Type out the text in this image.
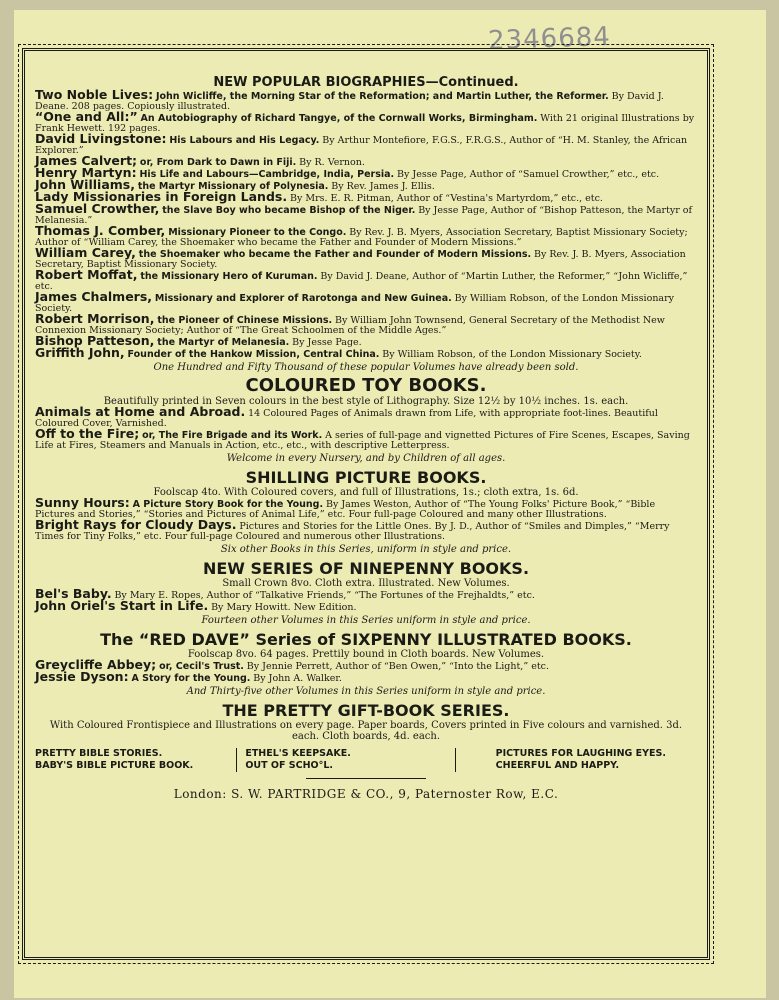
2346684
NEW POPULAR BIOGRAPHIES—Continued.

Two Noble Lives: John Wicliffe, the Morning Star of the Reformation; and Martin Luther, the Reformer. By David J. Deane. 208 pages. Copiously illustrated.

“One and All:” An Autobiography of Richard Tangye, of the Cornwall Works, Birmingham. With 21 original Illustrations by Frank Hewett. 192 pages.

David Livingstone: His Labours and His Legacy. By Arthur Montefiore, F.G.S., F.R.G.S., Author of “H. M. Stanley, the African Explorer.”

James Calvert; or, From Dark to Dawn in Fiji. By R. Vernon.

Henry Martyn: His Life and Labours—Cambridge, India, Persia. By Jesse Page, Author of “Samuel Crowther,” etc., etc.

John Williams, the Martyr Missionary of Polynesia. By Rev. James J. Ellis.

Lady Missionaries in Foreign Lands. By Mrs. E. R. Pitman, Author of “Vestina's Martyrdom,” etc., etc.

Samuel Crowther, the Slave Boy who became Bishop of the Niger. By Jesse Page, Author of “Bishop Patteson, the Martyr of Melanesia.”

Thomas J. Comber, Missionary Pioneer to the Congo. By Rev. J. B. Myers, Association Secretary, Baptist Missionary Society; Author of “William Carey, the Shoemaker who became the Father and Founder of Modern Missions.”

William Carey, the Shoemaker who became the Father and Founder of Modern Missions. By Rev. J. B. Myers, Association Secretary, Baptist Missionary Society.

Robert Moffat, the Missionary Hero of Kuruman. By David J. Deane, Author of “Martin Luther, the Reformer,” “John Wicliffe,” etc.

James Chalmers, Missionary and Explorer of Rarotonga and New Guinea. By William Robson, of the London Missionary Society.

Robert Morrison, the Pioneer of Chinese Missions. By William John Townsend, General Secretary of the Methodist New Connexion Missionary Society; Author of “The Great Schoolmen of the Middle Ages.”

Bishop Patteson, the Martyr of Melanesia. By Jesse Page.

Griffith John, Founder of the Hankow Mission, Central China. By William Robson, of the London Missionary Society.

One Hundred and Fifty Thousand of these popular Volumes have already been sold.
COLOURED TOY BOOKS.
Beautifully printed in Seven colours in the best style of Lithography. Size 12½ by 10½ inches. 1s. each.

Animals at Home and Abroad. 14 Coloured Pages of Animals drawn from Life, with appropriate foot-lines. Beautiful Coloured Cover, Varnished.

Off to the Fire; or, The Fire Brigade and its Work. A series of full-page and vignetted Pictures of Fire Scenes, Escapes, Saving Life at Fires, Steamers and Manuals in Action, etc., etc., with descriptive Letterpress.

Welcome in every Nursery, and by Children of all ages.
SHILLING PICTURE BOOKS.
Foolscap 4to. With Coloured covers, and full of Illustrations, 1s.; cloth extra, 1s. 6d.

Sunny Hours: A Picture Story Book for the Young. By James Weston, Author of “The Young Folks' Picture Book,” “Bible Pictures and Stories,” “Stories and Pictures of Animal Life,” etc. Four full-page Coloured and many other Illustrations.

Bright Rays for Cloudy Days. Pictures and Stories for the Little Ones. By J. D., Author of “Smiles and Dimples,” “Merry Times for Tiny Folks,” etc. Four full-page Coloured and numerous other Illustrations.

Six other Books in this Series, uniform in style and price.
NEW SERIES OF NINEPENNY BOOKS.
Small Crown 8vo. Cloth extra. Illustrated. New Volumes.

Bel's Baby. By Mary E. Ropes, Author of “Talkative Friends,” “The Fortunes of the Frejhaldts,” etc.

John Oriel's Start in Life. By Mary Howitt. New Edition.

Fourteen other Volumes in this Series uniform in style and price.
The “RED DAVE” Series of SIXPENNY ILLUSTRATED BOOKS.
Foolscap 8vo. 64 pages. Prettily bound in Cloth boards. New Volumes.

Greycliffe Abbey; or, Cecil's Trust. By Jennie Perrett, Author of “Ben Owen,” “Into the Light,” etc.

Jessie Dyson: A Story for the Young. By John A. Walker.

And Thirty-five other Volumes in this Series uniform in style and price.
THE PRETTY GIFT-BOOK SERIES.
With Coloured Frontispiece and Illustrations on every page. Paper boards, Covers printed in Five colours and varnished. 3d. each. Cloth boards, 4d. each.
PRETTY BIBLE STORIES.
BABY'S BIBLE PICTURE BOOK.
ETHEL'S KEEPSAKE.
OUT OF SCHO°L.
PICTURES FOR LAUGHING EYES.
CHEERFUL AND HAPPY.
London: S. W. PARTRIDGE & CO., 9, Paternoster Row, E.C.
